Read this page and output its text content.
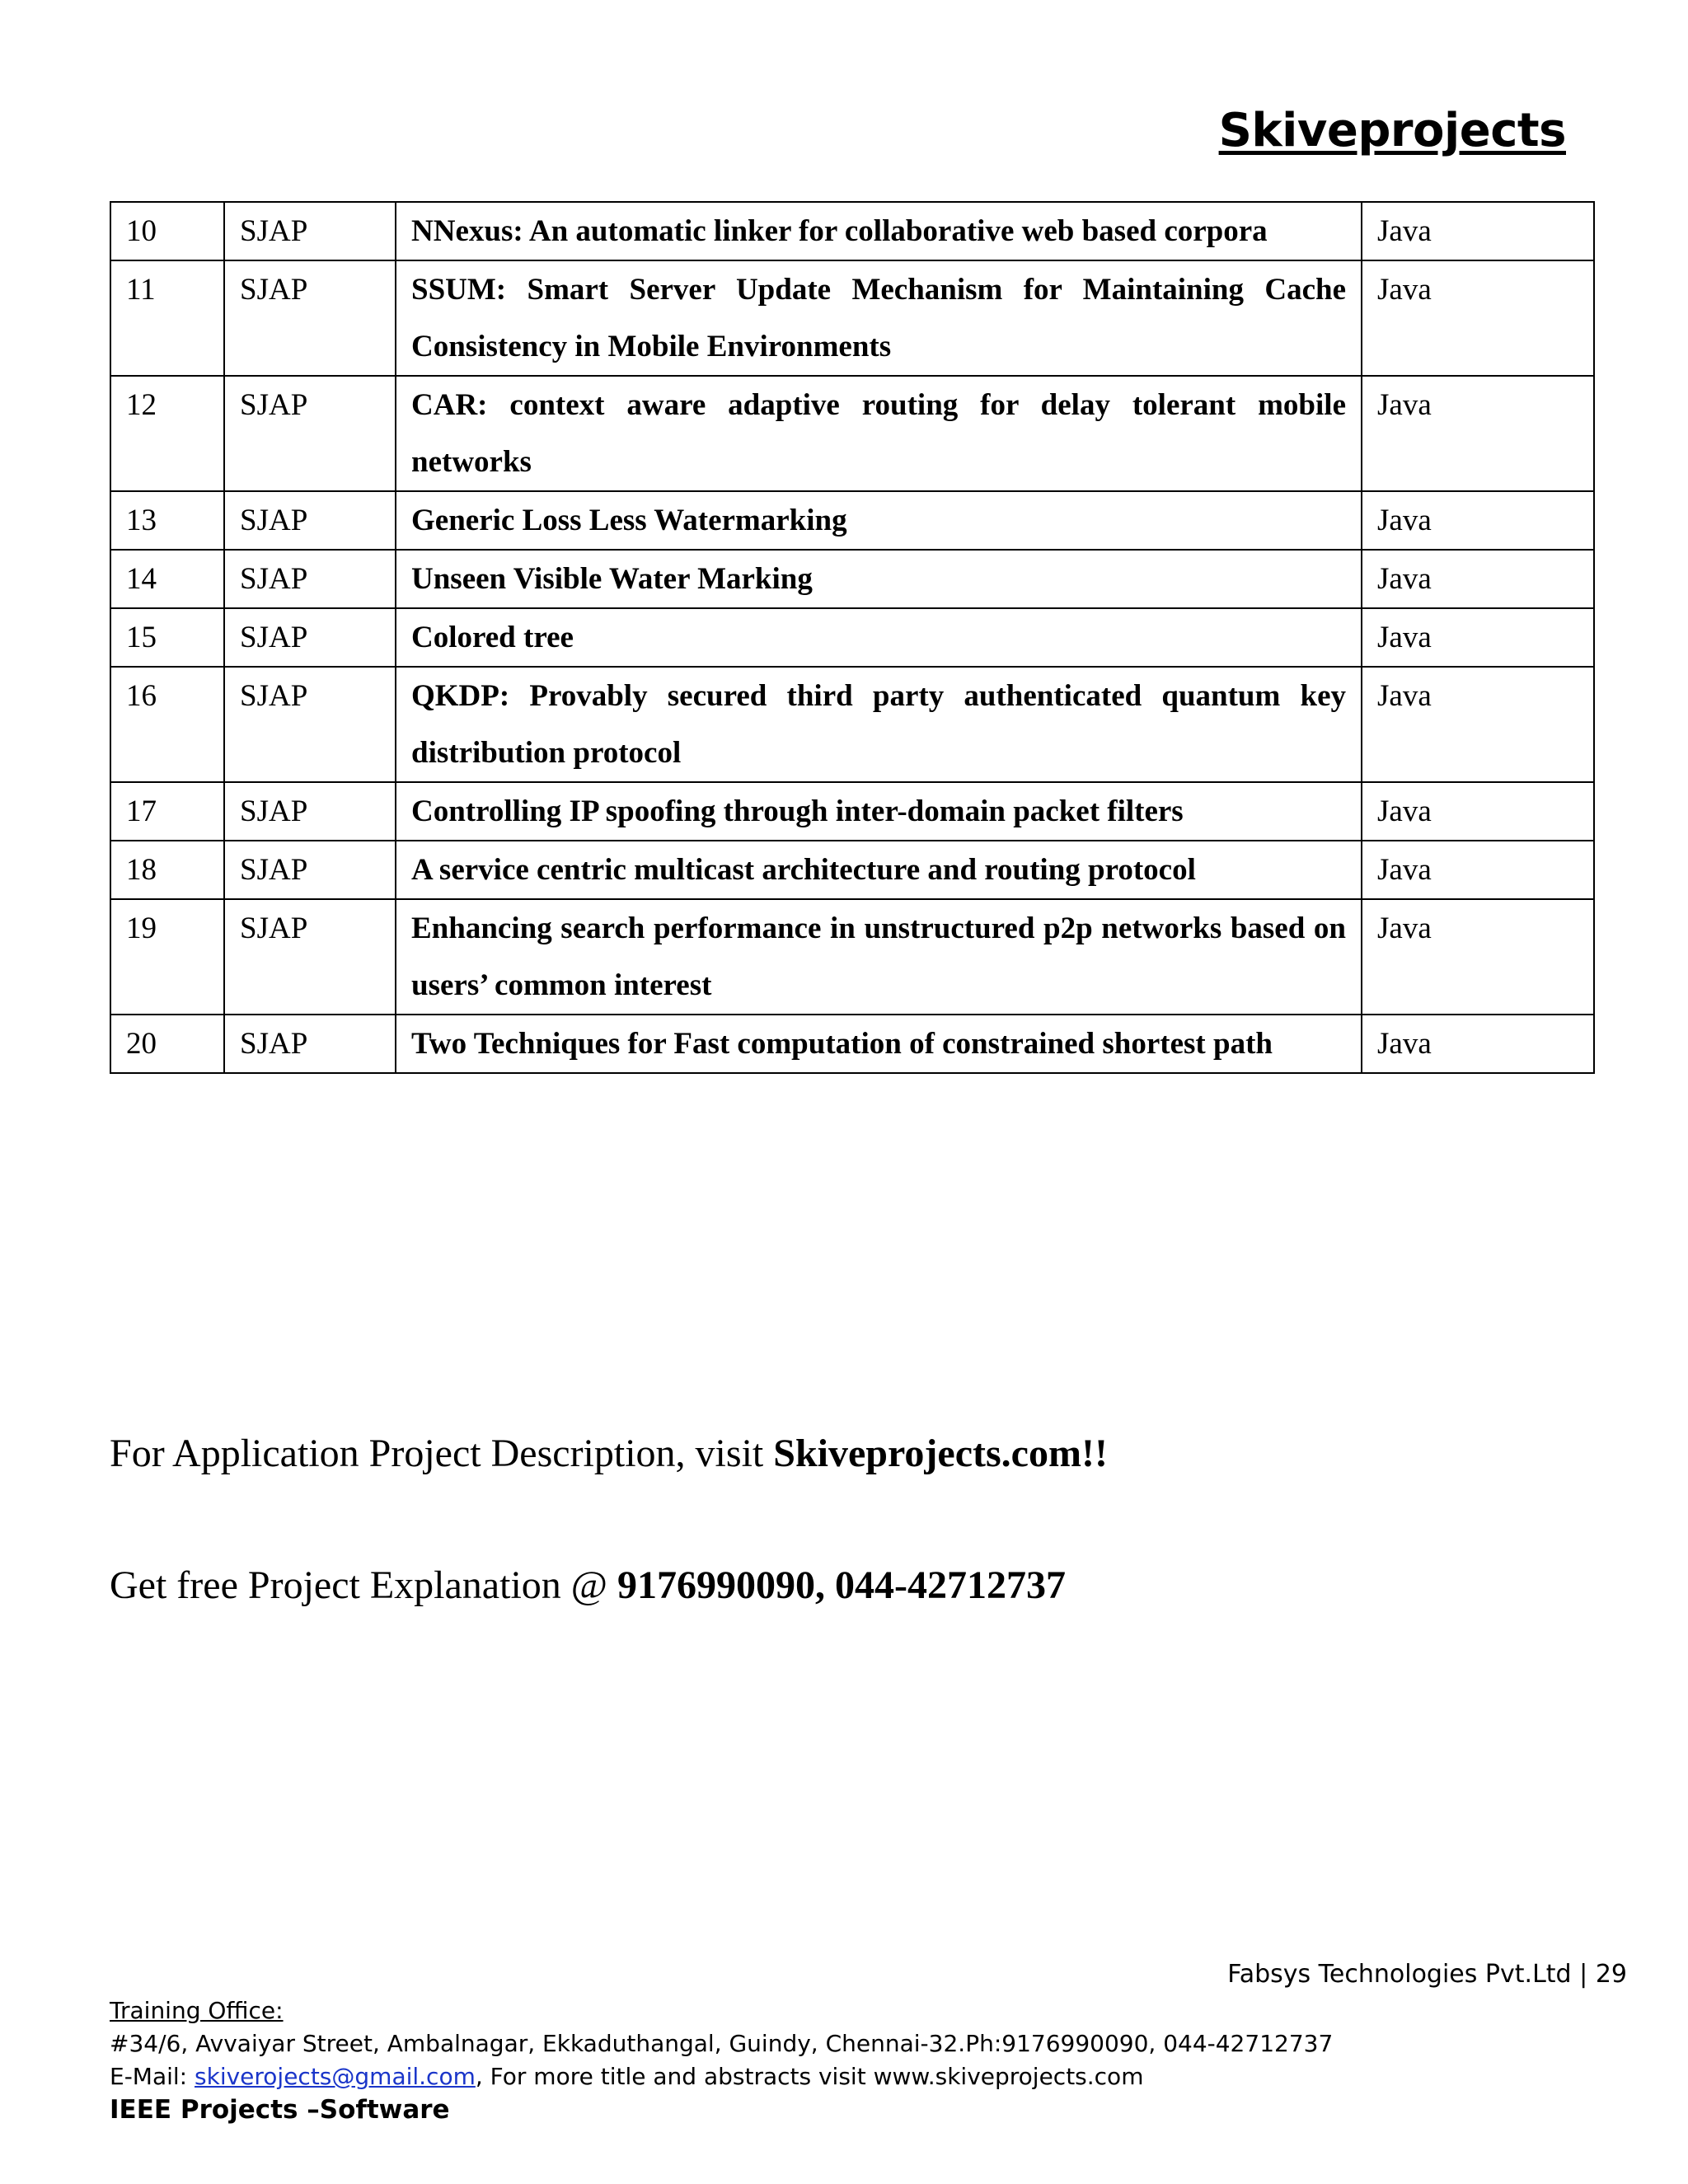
Skiveprojects
10	SJAP	NNexus: An automatic linker for collaborative web based corpora	Java
11	SJAP	SSUM: Smart Server Update Mechanism for Maintaining Cache Consistency in Mobile Environments	Java
12	SJAP	CAR: context aware adaptive routing for delay tolerant mobile networks	Java
13	SJAP	Generic Loss Less Watermarking	Java
14	SJAP	Unseen Visible Water Marking	Java
15	SJAP	Colored tree	Java
16	SJAP	QKDP: Provably secured third party authenticated quantum key distribution protocol	Java
17	SJAP	Controlling IP spoofing through inter-domain packet filters	Java
18	SJAP	A service centric multicast architecture and routing protocol	Java
19	SJAP	Enhancing search performance in unstructured p2p networks based on users’ common interest	Java
20	SJAP	Two Techniques for Fast computation of constrained shortest path	Java
For Application Project Description, visit Skiveprojects.com!!
Get free Project Explanation @ 9176990090, 044-42712737
Fabsys Technologies Pvt.Ltd | 29
Training Office:
#34/6, Avvaiyar Street, Ambalnagar, Ekkaduthangal, Guindy, Chennai-32.Ph:9176990090, 044-42712737
E-Mail: skiverojects@gmail.com, For more title and abstracts visit www.skiveprojects.com
IEEE Projects –Software
